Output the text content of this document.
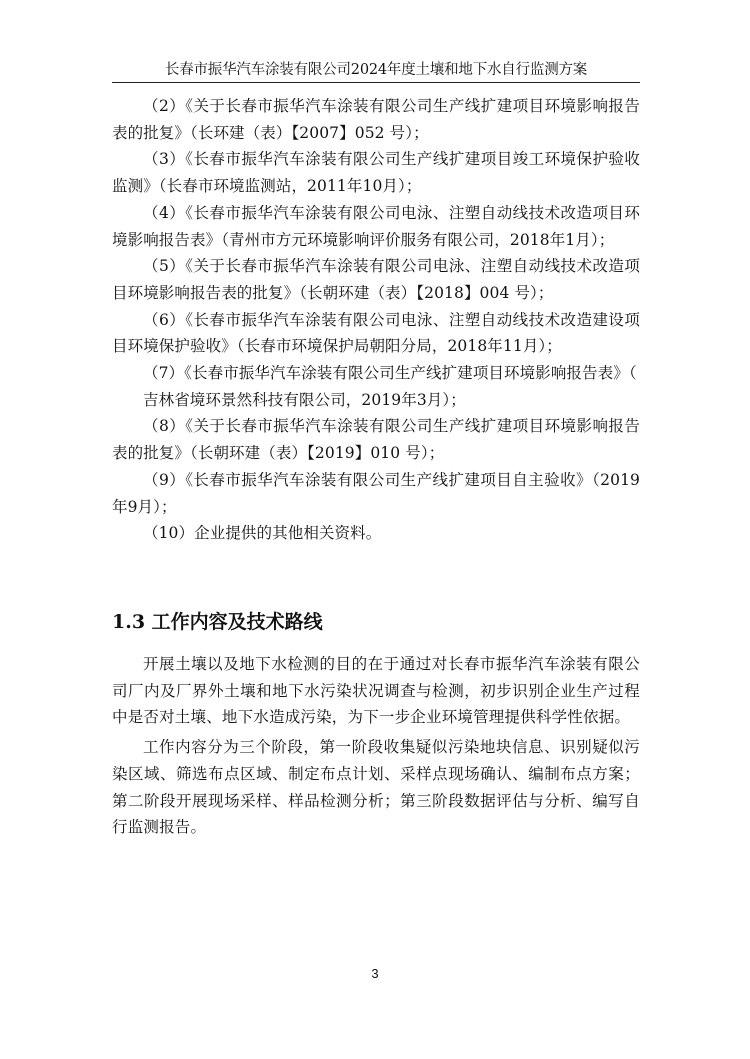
长春市振华汽车涂装有限公司2024年度土壤和地下水自行监测方案

（2）《关于长春市振华汽车涂装有限公司生产线扩建项目环境影响报告表的批复》（长环建（表）【2007】052 号）；

（3）《长春市振华汽车涂装有限公司生产线扩建项目竣工环境保护验收监测》（长春市环境监测站，2011年10月）；

（4）《长春市振华汽车涂装有限公司电泳、注塑自动线技术改造项目环境影响报告表》（青州市方元环境影响评价服务有限公司，2018年1月）；

（5）《关于长春市振华汽车涂装有限公司电泳、注塑自动线技术改造项目环境影响报告表的批复》（长朝环建（表）【2018】004 号）；

（6）《长春市振华汽车涂装有限公司电泳、注塑自动线技术改造建设项目环境保护验收》（长春市环境保护局朝阳分局，2018年11月）；

（7）《长春市振华汽车涂装有限公司生产线扩建项目环境影响报告表》（

吉林省境环景然科技有限公司，2019年3月）；

（8）《关于长春市振华汽车涂装有限公司生产线扩建项目环境影响报告表的批复》（长朝环建（表）【2019】010 号）；

（9）《长春市振华汽车涂装有限公司生产线扩建项目自主验收》（2019年9月）；

（10）企业提供的其他相关资料。

1.3 工作内容及技术路线

开展土壤以及地下水检测的目的在于通过对长春市振华汽车涂装有限公司厂内及厂界外土壤和地下水污染状况调查与检测，初步识别企业生产过程中是否对土壤、地下水造成污染，为下一步企业环境管理提供科学性依据。

工作内容分为三个阶段，第一阶段收集疑似污染地块信息、识别疑似污染区域、筛选布点区域、制定布点计划、采样点现场确认、编制布点方案；第二阶段开展现场采样、样品检测分析；第三阶段数据评估与分析、编写自行监测报告。

3
